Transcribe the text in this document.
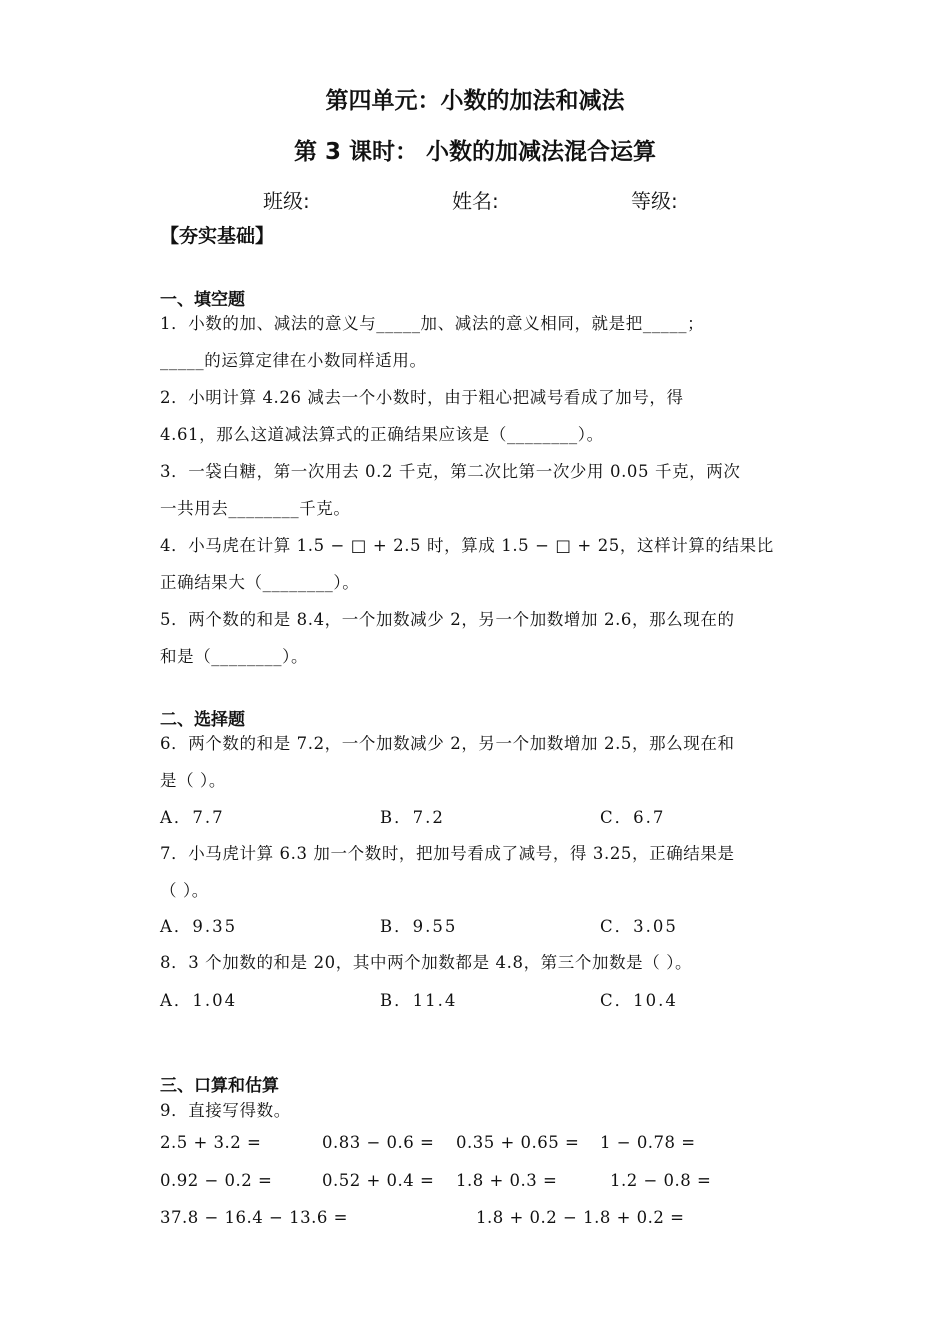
第四单元：小数的加法和减法
第 3 课时： 小数的加减法混合运算
班级:	姓名:	等级:
【夯实基础】
一、填空题
1．小数的加、减法的意义与_____加、减法的意义相同，就是把_____；
_____的运算定律在小数同样适用。
2．小明计算 4.26 减去一个小数时，由于粗心把减号看成了加号，得
4.61，那么这道减法算式的正确结果应该是（________）。
3．一袋白糖，第一次用去 0.2 千克，第二次比第一次少用 0.05 千克，两次
一共用去________千克。
4．小马虎在计算 1.5 − □ + 2.5 时，算成 1.5 − □ + 25，这样计算的结果比
正确结果大（________）。
5．两个数的和是 8.4，一个加数减少 2，另一个加数增加 2.6，那么现在的
和是（________）。
二、选择题
6．两个数的和是 7.2，一个加数减少 2，另一个加数增加 2.5，那么现在和
是（ ）。
A．7.7	B．7.2	C．6.7
7．小马虎计算 6.3 加一个数时，把加号看成了减号，得 3.25，正确结果是
（ ）。
A．9.35	B．9.55	C．3.05
8．3 个加数的和是 20，其中两个加数都是 4.8，第三个加数是（ ）。
A．1.04	B．11.4	C．10.4
三、口算和估算
9．直接写得数。
2.5 + 3.2 =	0.83 − 0.6 = 0.35 + 0.65 = 1 − 0.78 =
0.92 − 0.2 =	0.52 + 0.4 = 1.8 + 0.3 =	1.2 − 0.8 =
37.8 − 16.4 − 13.6 =	1.8 + 0.2 − 1.8 + 0.2 =
